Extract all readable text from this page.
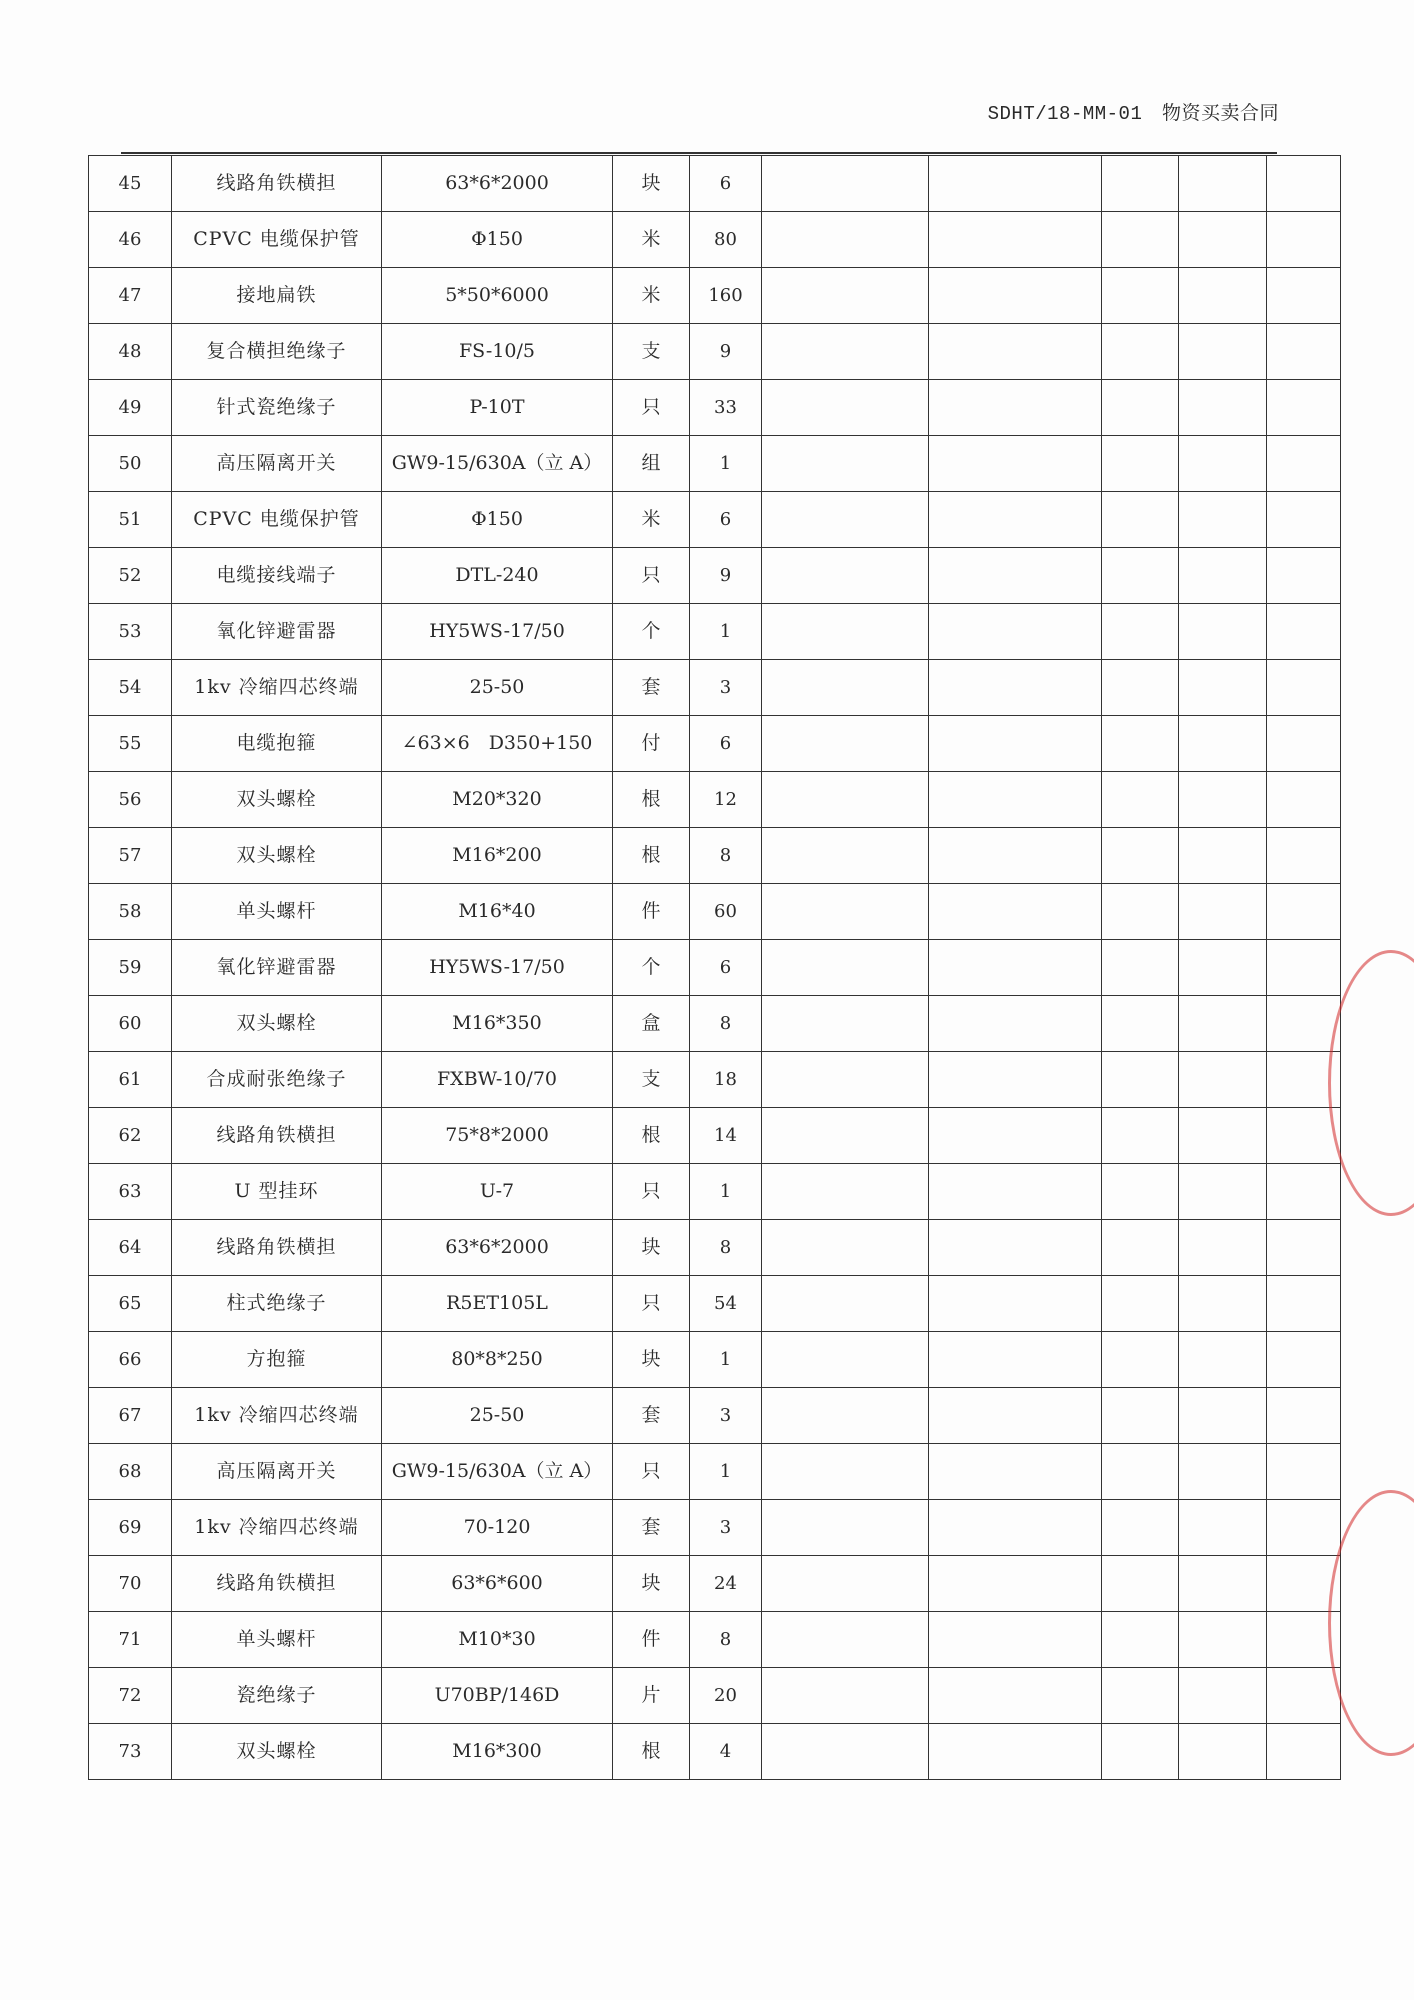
SDHT/18-MM-01 物资买卖合同
45	线路角铁横担	63*6*2000	块	6					
46	CPVC 电缆保护管	Φ150	米	80					
47	接地扁铁	5*50*6000	米	160					
48	复合横担绝缘子	FS-10/5	支	9					
49	针式瓷绝缘子	P-10T	只	33					
50	高压隔离开关	GW9-15/630A（立 A）	组	1					
51	CPVC 电缆保护管	Φ150	米	6					
52	电缆接线端子	DTL-240	只	9					
53	氧化锌避雷器	HY5WS-17/50	个	1					
54	1kv 冷缩四芯终端	25-50	套	3					
55	电缆抱箍	∠63×6　D350+150	付	6					
56	双头螺栓	M20*320	根	12					
57	双头螺栓	M16*200	根	8					
58	单头螺杆	M16*40	件	60					
59	氧化锌避雷器	HY5WS-17/50	个	6					
60	双头螺栓	M16*350	盒	8					
61	合成耐张绝缘子	FXBW-10/70	支	18					
62	线路角铁横担	75*8*2000	根	14					
63	U 型挂环	U-7	只	1					
64	线路角铁横担	63*6*2000	块	8					
65	柱式绝缘子	R5ET105L	只	54					
66	方抱箍	80*8*250	块	1					
67	1kv 冷缩四芯终端	25-50	套	3					
68	高压隔离开关	GW9-15/630A（立 A）	只	1					
69	1kv 冷缩四芯终端	70-120	套	3					
70	线路角铁横担	63*6*600	块	24					
71	单头螺杆	M10*30	件	8					
72	瓷绝缘子	U70BP/146D	片	20					
73	双头螺栓	M16*300	根	4					
